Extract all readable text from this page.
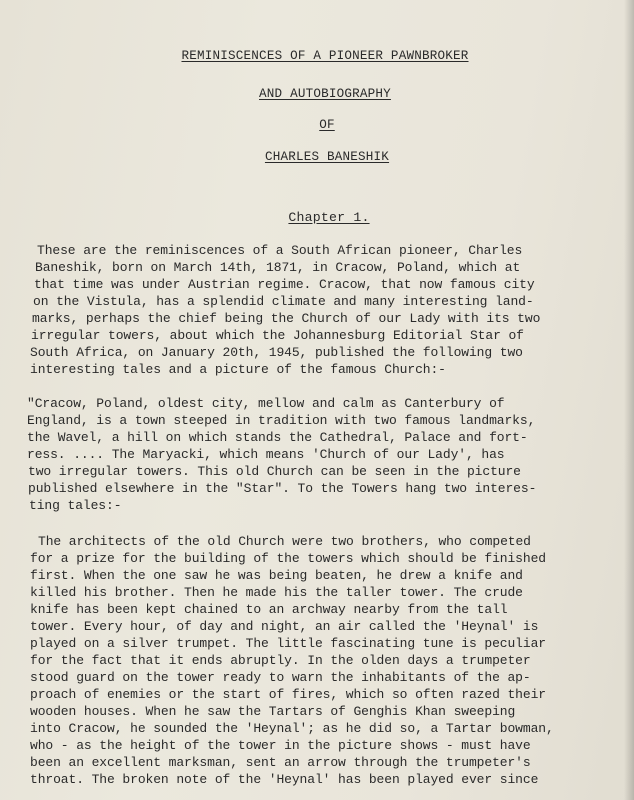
REMINISCENCES OF A PIONEER PAWNBROKER
AND AUTOBIOGRAPHY
OF
CHARLES BANESHIK
Chapter 1.
These are the reminiscences of a South African pioneer, Charles
Baneshik, born on March 14th, 1871, in Cracow, Poland, which at
that time was under Austrian regime. Cracow, that now famous city
on the Vistula, has a splendid climate and many interesting land-
marks, perhaps the chief being the Church of our Lady with its two
irregular towers, about which the Johannesburg Editorial Star of
South Africa, on January 20th, 1945, published the following two
interesting tales and a picture of the famous Church:-
"Cracow, Poland, oldest city, mellow and calm as Canterbury of
England, is a town steeped in tradition with two famous landmarks,
the Wavel, a hill on which stands the Cathedral, Palace and fort-
ress. .... The Maryacki, which means 'Church of our Lady', has
two irregular towers. This old Church can be seen in the picture
published elsewhere in the "Star". To the Towers hang two interes-
ting tales:-
The architects of the old Church were two brothers, who competed
for a prize for the building of the towers which should be finished
first. When the one saw he was being beaten, he drew a knife and
killed his brother. Then he made his the taller tower. The crude
knife has been kept chained to an archway nearby from the tall
tower. Every hour, of day and night, an air called the 'Heynal' is
played on a silver trumpet. The little fascinating tune is peculiar
for the fact that it ends abruptly. In the olden days a trumpeter
stood guard on the tower ready to warn the inhabitants of the ap-
proach of enemies or the start of fires, which so often razed their
wooden houses. When he saw the Tartars of Genghis Khan sweeping
into Cracow, he sounded the 'Heynal'; as he did so, a Tartar bowman,
who - as the height of the tower in the picture shows - must have
been an excellent marksman, sent an arrow through the trumpeter's
throat. The broken note of the 'Heynal' has been played ever since
